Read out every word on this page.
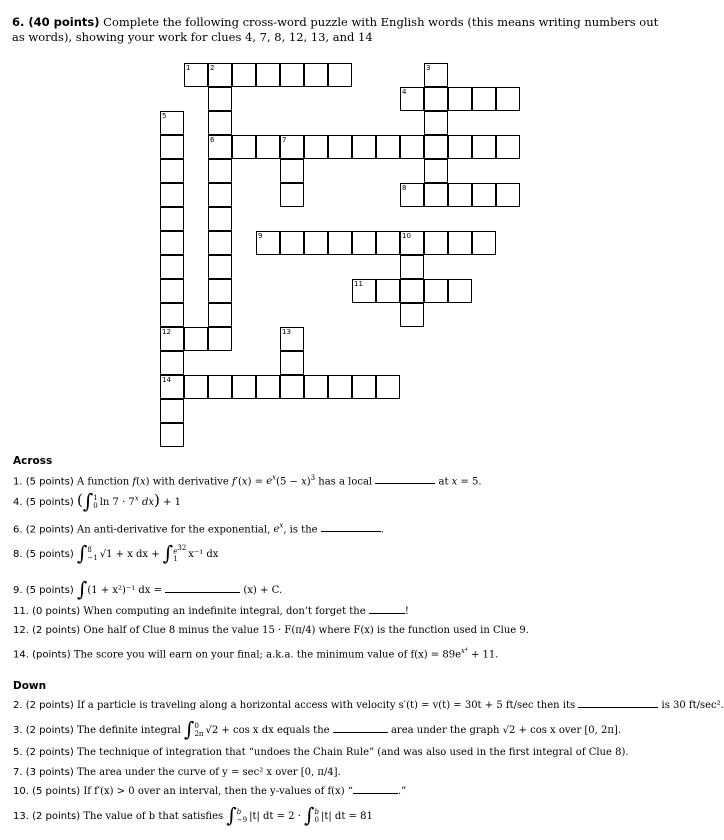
6. (40 points) Complete the following cross-word puzzle with English words (this means writing numbers out as words), showing your work for clues 4, 7, 8, 12, 13, and 14
1	2
6
3
4
5
12
14
7
8
9	10
11
13
Across
1. (5 points) A function f(x) with derivative $f'(x) = e^x(5 - x)^3$ has a local	at x = 5.
4. (5 points) (∫ 1
0 $\ln 7 \cdot 7^x$ dx) + 1
6. (2 points) An anti-derivative for the exponential, $e^x$, is the	.
8. (5 points) ∫ 8
−1 √1 + x dx + ∫ $e^{32}$
1	x⁻¹ dx
9. (5 points) ∫(1 + x²)⁻¹ dx =	(x) + C.
11. (0 points) When computing an indefinite integral, don’t forget the	!
12. (2 points) One half of Clue 8 minus the value 15 · F(π/4) where F(x) is the function used in Clue 9.
14. (points) The score you will earn on your final; a.k.a. the minimum value of $f(x) = 89e^{x^4} + 11$.
Down
2. (2 points) If a particle is traveling along a horizontal access with velocity s′(t) = v(t) = 30t + 5 ft/sec then its	is 30 ft/sec².
3. (2 points) The definite integral ∫ 0
2π √2 + cos x dx equals the	area under the graph √2 + cos x over [0, 2π].
5. (2 points) The technique of integration that “undoes the Chain Rule” (and was also used in the first integral of Clue 8).
7. (3 points) The area under the curve of y = sec² x over [0, π/4].
10. (5 points) If f′(x) > 0 over an interval, then the y-values of f(x) “	.”
13. (2 points) The value of b that satisfies ∫ b
−9 |t| dt = 2 · ∫ b
0 |t| dt = 81
